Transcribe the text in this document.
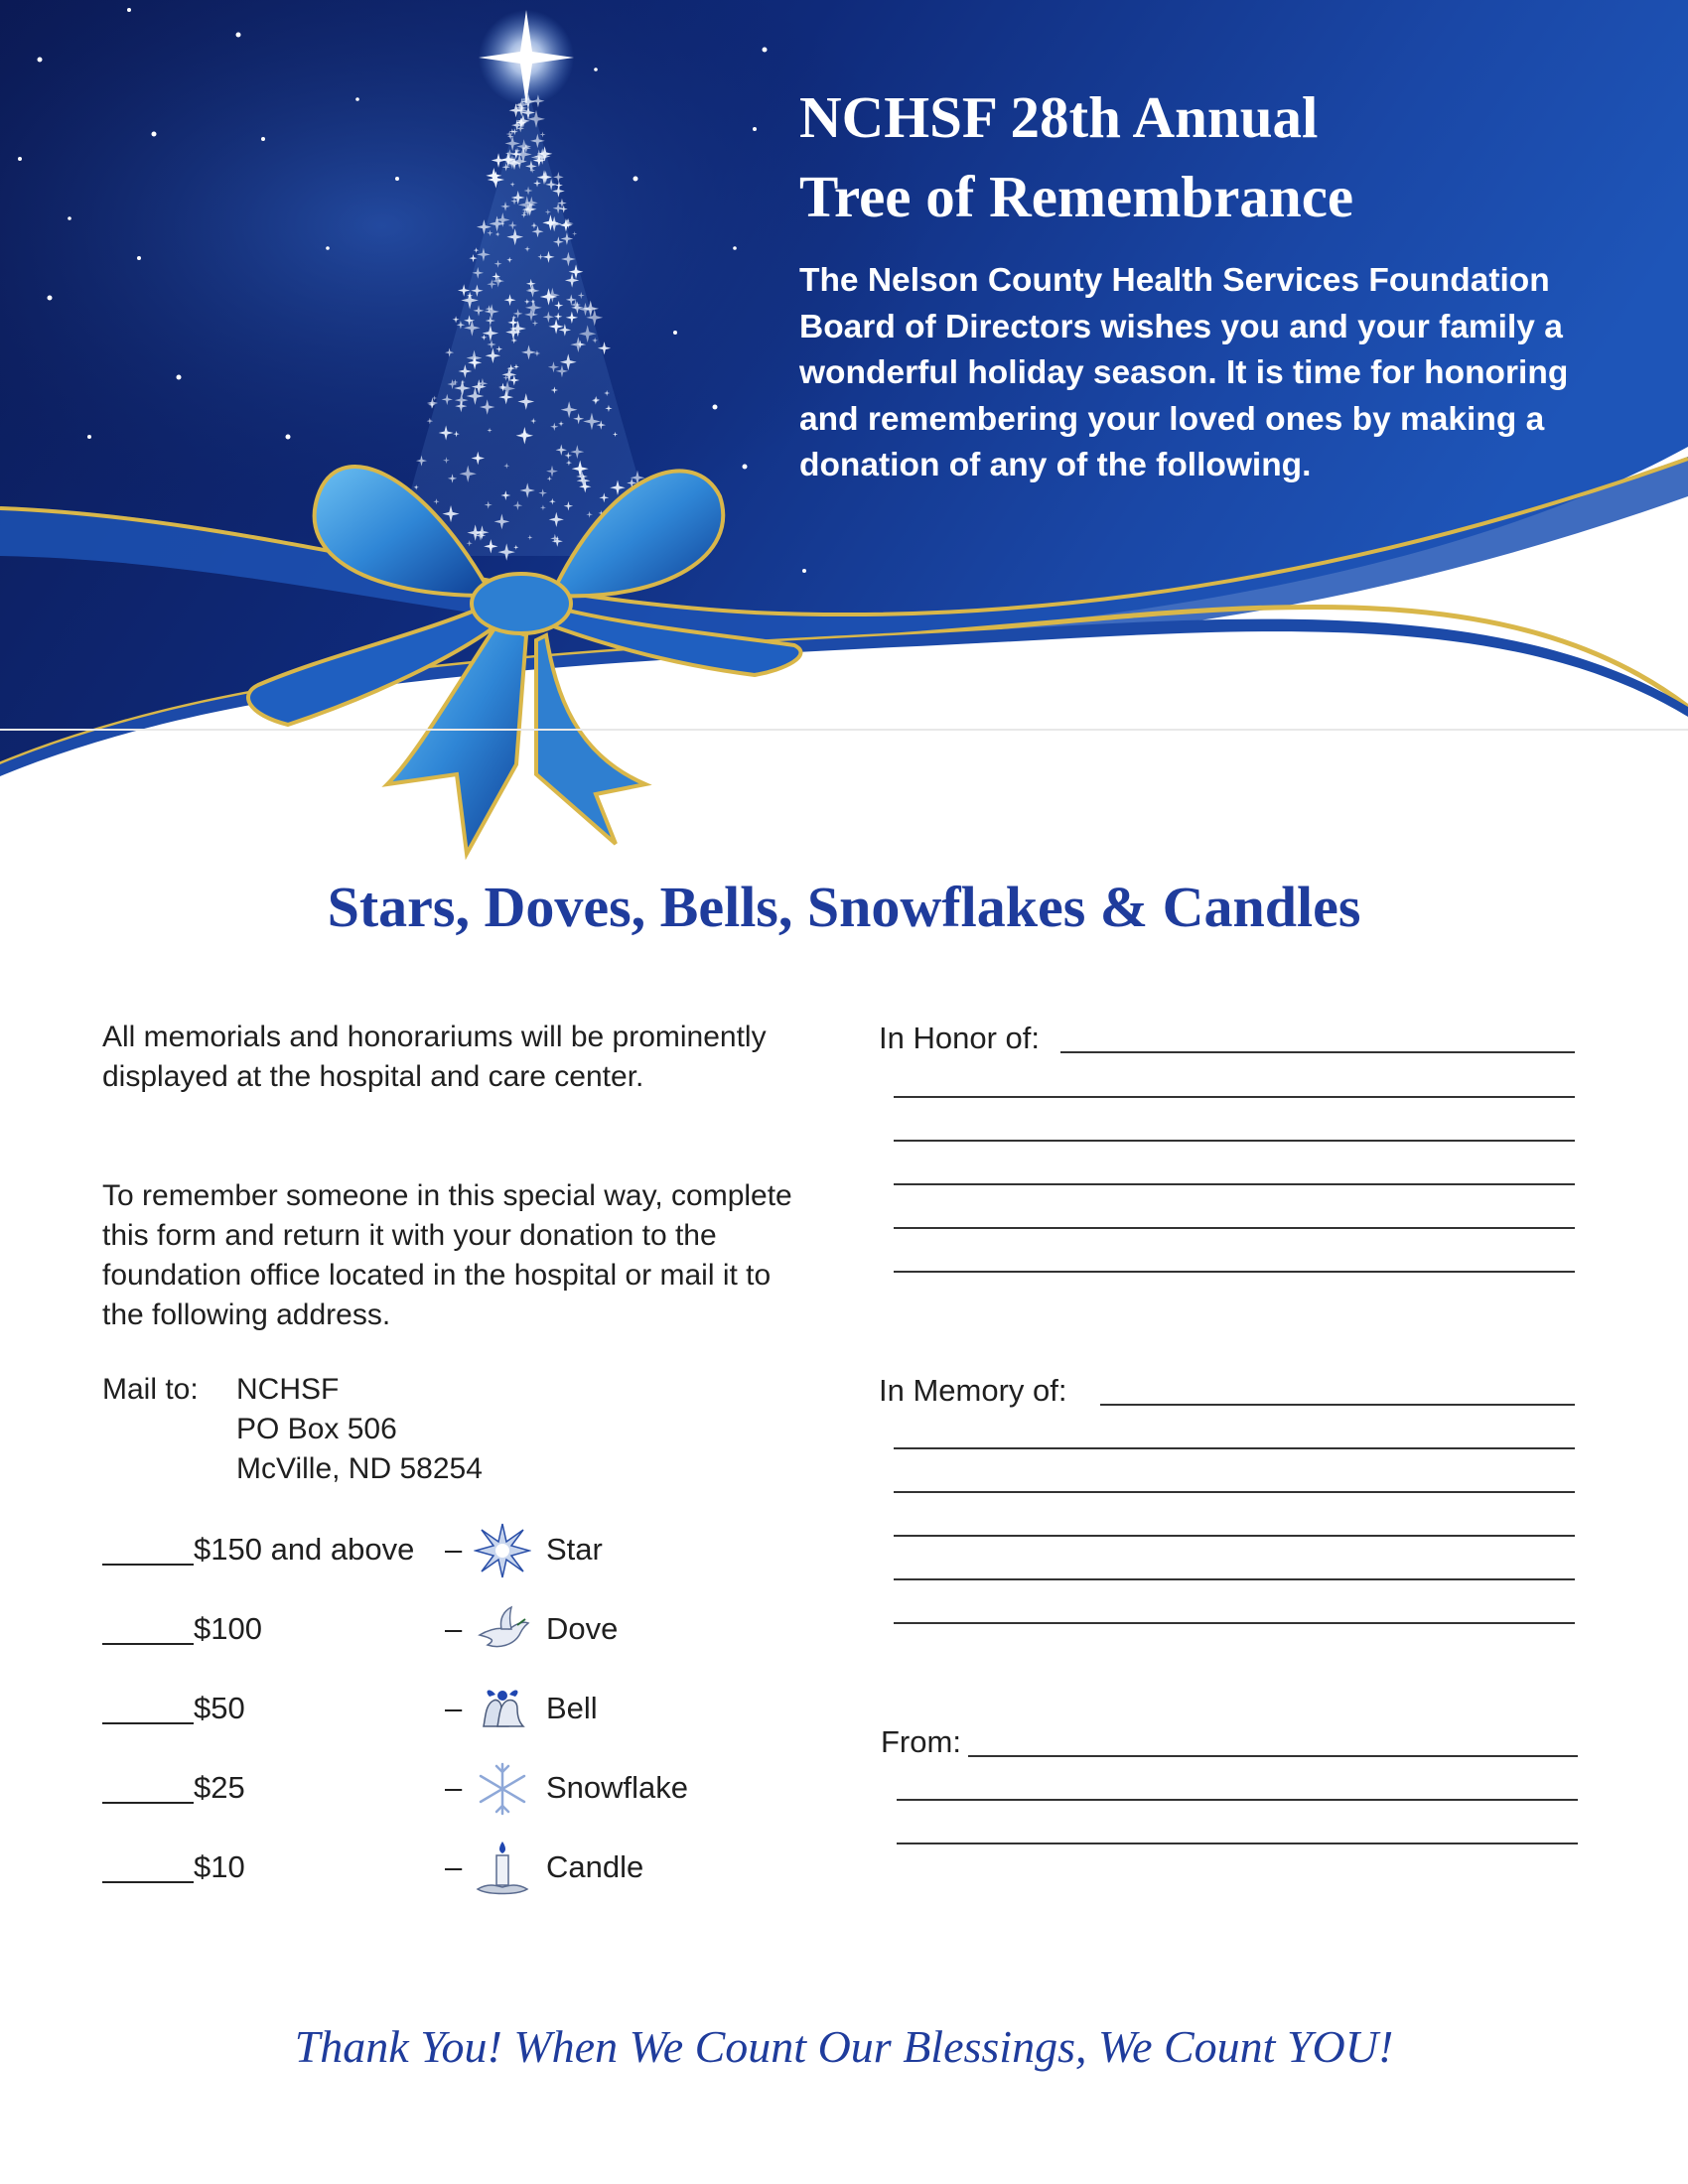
NCHSF 28th Annual
Tree of Remembrance
The Nelson County Health Services Foundation Board of Directors wishes you and your family a wonderful holiday season. It is time for honoring and remembering your loved ones by making a donation of any of the following.
Stars, Doves, Bells, Snowflakes & Candles
All memorials and honorariums will be prominently displayed at the hospital and care center.
To remember someone in this special way, complete this form and return it with your donation to the foundation office located in the hospital or mail it to the following address.
Mail to: NCHSF
PO Box 506
McVille, ND 58254
$150 and above –	Star
$100	–	Dove
$50	–	Bell
$25	–	Snowflake
$10	–	Candle
In Honor of:
In Memory of:
From:
Thank You! When We Count Our Blessings, We Count YOU!
